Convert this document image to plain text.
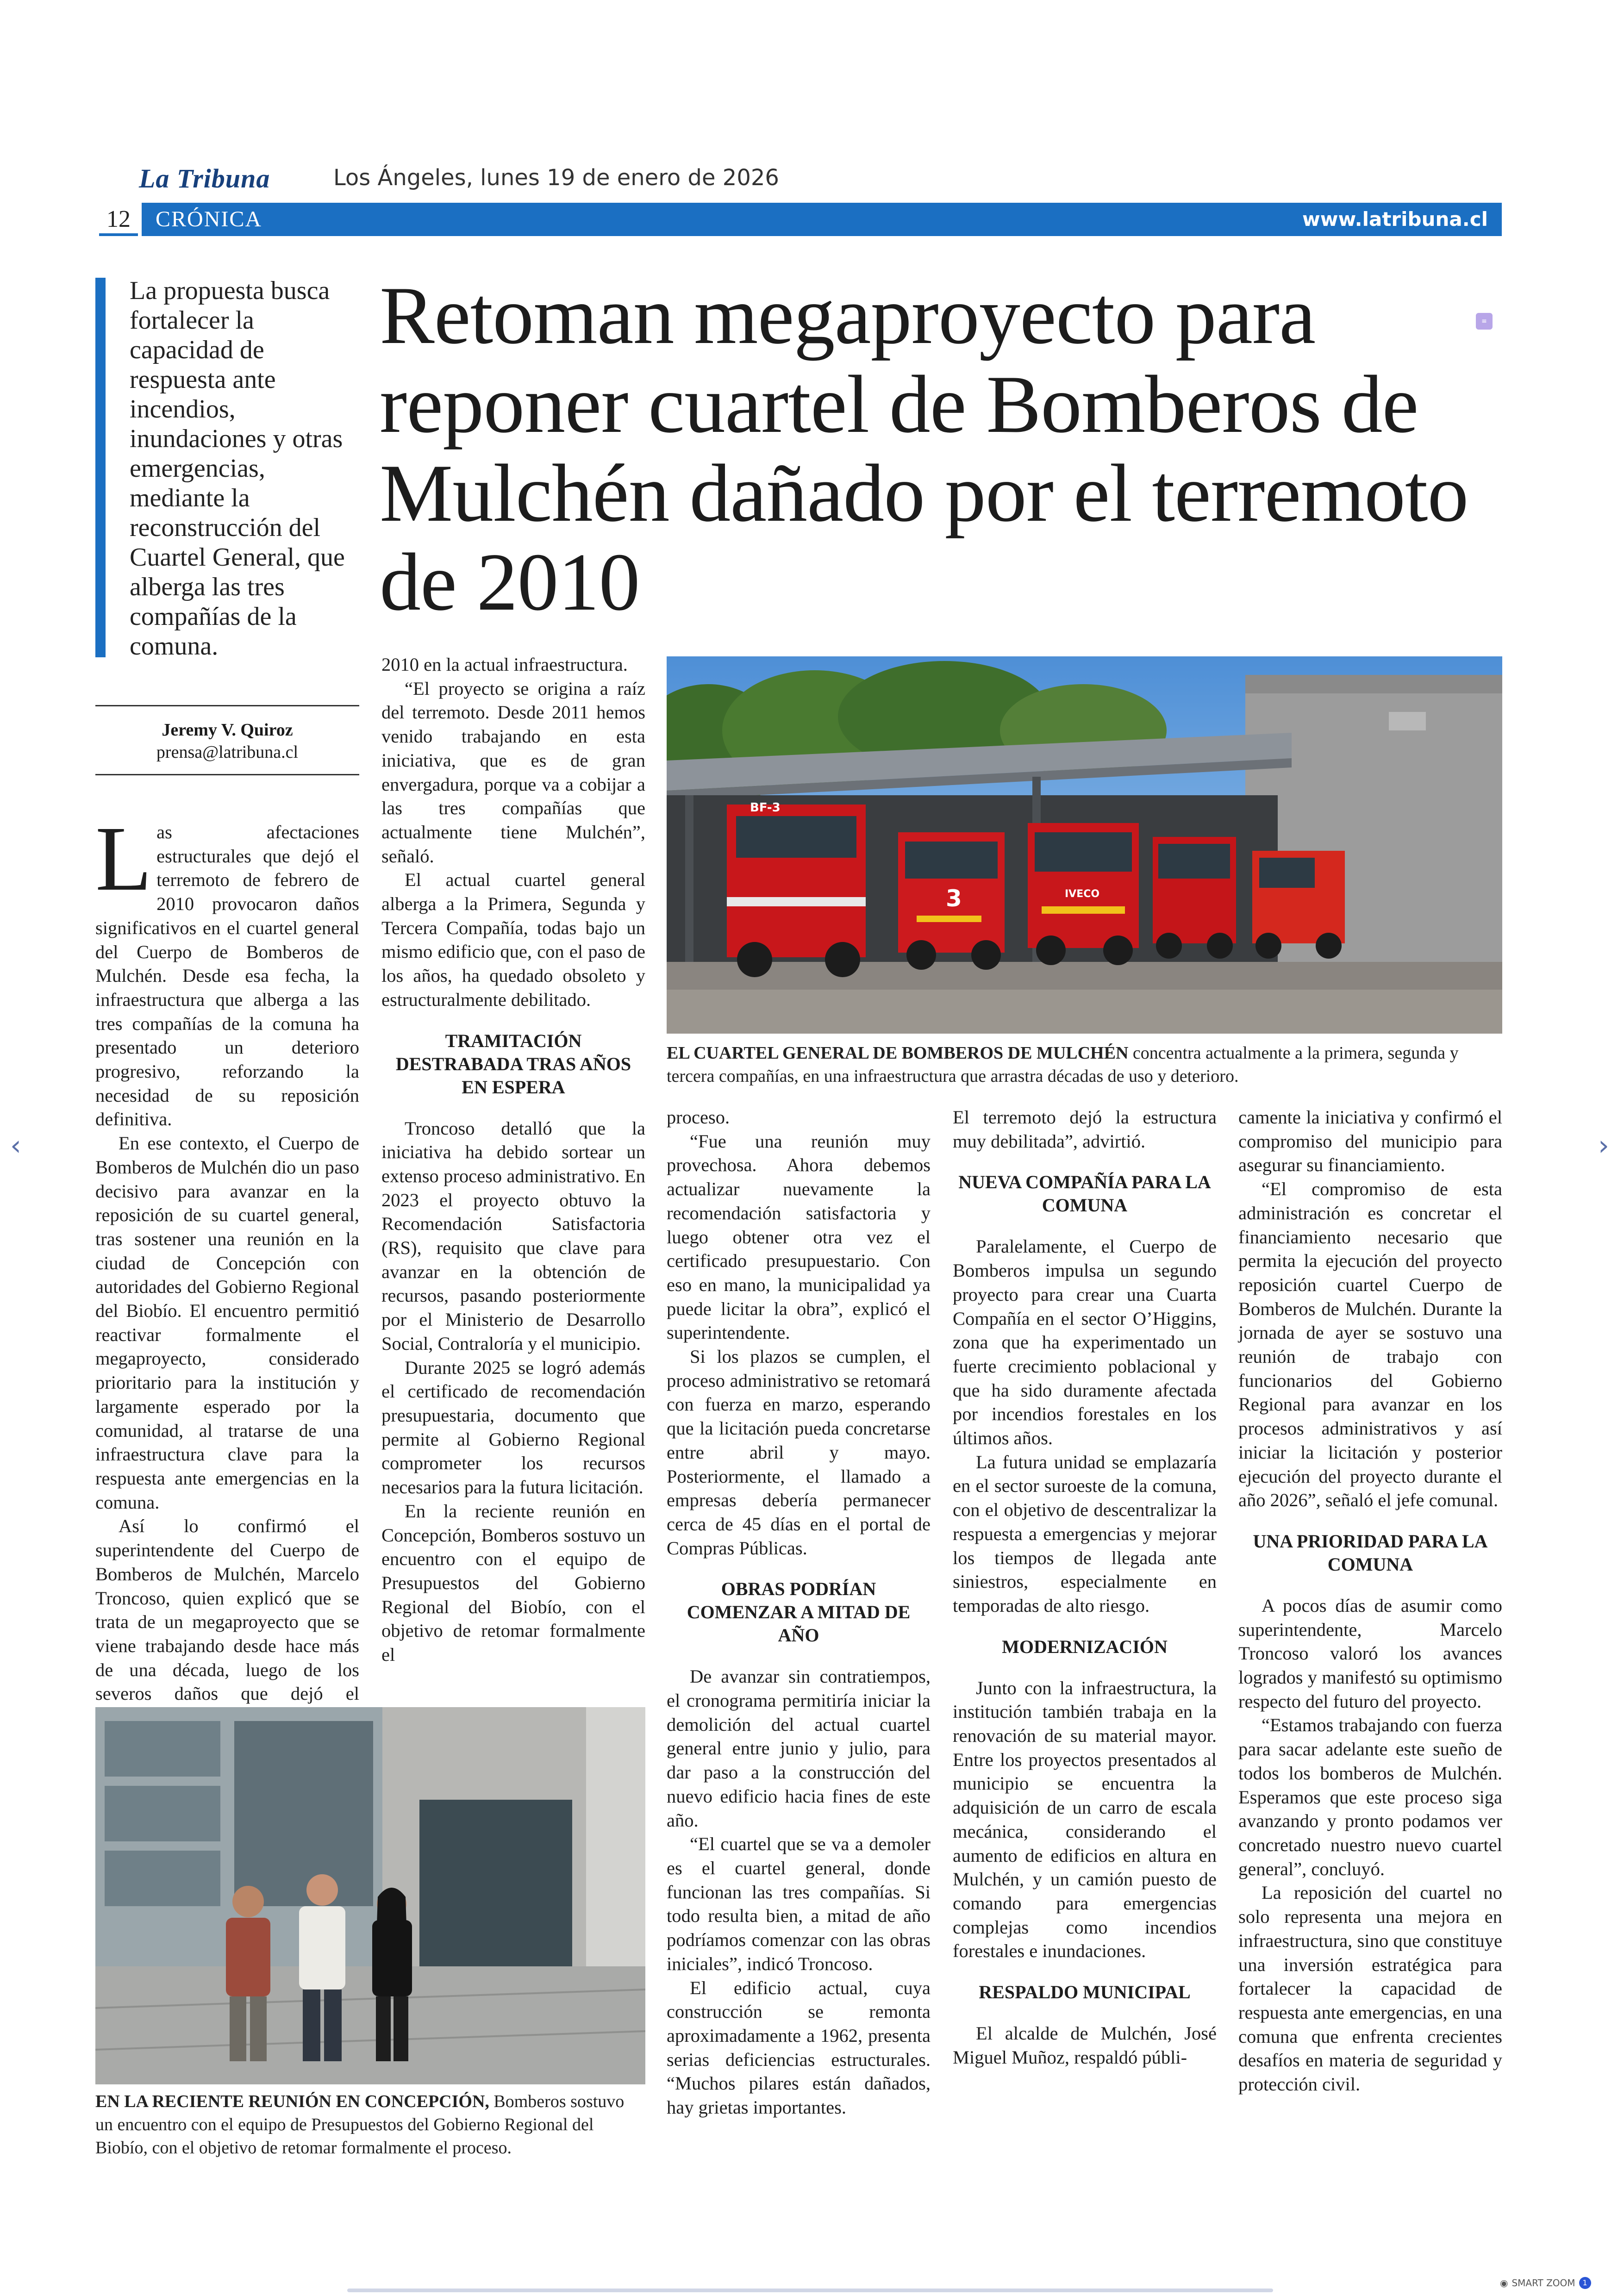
La Tribuna	Los Ángeles, lunes 19 de enero de 2026
12	CRÓNICA	www.latribuna.cl
La propuesta busca fortalecer la capacidad de respuesta ante incendios, inundaciones y otras emergencias, mediante la reconstrucción del Cuartel General, que alberga las tres compañías de la comuna.
Retoman megaproyecto para reponer cuartel de Bomberos de Mulchén dañado por el terremoto de 2010
≡
Jeremy V. Quiroz
prensa@latribuna.cl
L as afectaciones estructurales que dejó el terremoto de febrero de 2010 provocaron daños significativos en el cuartel general del Cuerpo de Bomberos de Mulchén. Desde esa fecha, la infraestructura que alberga a las tres compañías de la comuna ha presentado un deterioro progresivo, reforzando la necesidad de su reposición definitiva.

En ese contexto, el Cuerpo de Bomberos de Mulchén dio un paso decisivo para avanzar en la reposición de su cuartel general, tras sostener una reunión en la ciudad de Concepción con autoridades del Gobierno Regional del Biobío. El encuentro permitió reactivar formalmente el megaproyecto, considerado prioritario para la institución y largamente esperado por la comunidad, al tratarse de una infraestructura clave para la respuesta ante emergencias en la comuna.

Así lo confirmó el superintendente del Cuerpo de Bomberos de Mulchén, Marcelo Troncoso, quien explicó que se trata de un megaproyecto que se viene trabajando desde hace más de una década, luego de los severos daños que dejó el

2010 en la actual infraestructura.

“El proyecto se origina a raíz del terremoto. Desde 2011 hemos venido trabajando en esta iniciativa, que es de gran envergadura, porque va a cobijar a las tres compañías que actualmente tiene Mulchén”, señaló.

El actual cuartel general alberga a la Primera, Segunda y Tercera Compañía, todas bajo un mismo edificio que, con el paso de los años, ha quedado obsoleto y estructuralmente debilitado.

TRAMITACIÓN DESTRABADA TRAS AÑOS EN ESPERA

Troncoso detalló que la iniciativa ha debido sortear un extenso proceso administrativo. En 2023 el proyecto obtuvo la Recomendación Satisfactoria (RS), requisito que clave para avanzar en la obtención de recursos, pasando posteriormente por el Ministerio de Desarrollo Social, Contraloría y el municipio.

Durante 2025 se logró además el certificado de recomendación presupuestaria, documento que permite al Gobierno Regional comprometer los recursos necesarios para la futura licitación.

En la reciente reunión en Concepción, Bomberos sostuvo un encuentro con el equipo de Presupuestos del Gobierno Regional del Biobío, con el objetivo de retomar formalmente el

BF-3
3	IVECO
EL CUARTEL GENERAL DE BOMBEROS DE MULCHÉN concentra actualmente a la primera, segunda y tercera compañías, en una infraestructura que arrastra décadas de uso y deterioro.

proceso.

“Fue una reunión muy provechosa. Ahora debemos actualizar nuevamente la recomendación satisfactoria y luego obtener otra vez el certificado presupuestario. Con eso en mano, la municipalidad ya puede licitar la obra”, explicó el superintendente.

Si los plazos se cumplen, el proceso administrativo se retomará con fuerza en marzo, esperando que la licitación pueda concretarse entre abril y mayo. Posteriormente, el llamado a empresas debería permanecer cerca de 45 días en el portal de Compras Públicas.

OBRAS PODRÍAN COMENZAR A MITAD DE AÑO

De avanzar sin contratiempos, el cronograma permitiría iniciar la demolición del actual cuartel general entre junio y julio, para dar paso a la construcción del nuevo edificio hacia fines de este año.

“El cuartel que se va a demoler es el cuartel general, donde funcionan las tres compañías. Si todo resulta bien, a mitad de año podríamos comenzar con las obras iniciales”, indicó Troncoso.

El edificio actual, cuya construcción se remonta aproximadamente a 1962, presenta serias deficiencias estructurales. “Muchos pilares están dañados, hay grietas importantes.

El terremoto dejó la estructura muy debilitada”, advirtió.

NUEVA COMPAÑÍA PARA LA COMUNA

Paralelamente, el Cuerpo de Bomberos impulsa un segundo proyecto para crear una Cuarta Compañía en el sector O’Higgins, zona que ha experimentado un fuerte crecimiento poblacional y que ha sido duramente afectada por incendios forestales en los últimos años.

La futura unidad se emplazaría en el sector suroeste de la comuna, con el objetivo de descentralizar la respuesta a emergencias y mejorar los tiempos de llegada ante siniestros, especialmente en temporadas de alto riesgo.

MODERNIZACIÓN

Junto con la infraestructura, la institución también trabaja en la renovación de su material mayor. Entre los proyectos presentados al municipio se encuentra la adquisición de un carro de escala mecánica, considerando el aumento de edificios en altura en Mulchén, y un camión puesto de comando para emergencias complejas como incendios forestales e inundaciones.

RESPALDO MUNICIPAL

El alcalde de Mulchén, José Miguel Muñoz, respaldó públi-

camente la iniciativa y confirmó el compromiso del municipio para asegurar su financiamiento.

“El compromiso de esta administración es concretar el financiamiento necesario que permita la ejecución del proyecto reposición cuartel Cuerpo de Bomberos de Mulchén. Durante la jornada de ayer se sostuvo una reunión de trabajo con funcionarios del Gobierno Regional para avanzar en los procesos administrativos y así iniciar la licitación y posterior ejecución del proyecto durante el año 2026”, señaló el jefe comunal.

UNA PRIORIDAD PARA LA COMUNA

A pocos días de asumir como superintendente, Marcelo Troncoso valoró los avances logrados y manifestó su optimismo respecto del futuro del proyecto.

“Estamos trabajando con fuerza para sacar adelante este sueño de todos los bomberos de Mulchén. Esperamos que este proceso siga avanzando y pronto podamos ver concretado nuestro nuevo cuartel general”, concluyó.

La reposición del cuartel no solo representa una mejora en infraestructura, sino que constituye una inversión estratégica para fortalecer la capacidad de respuesta ante emergencias, en una comuna que enfrenta crecientes desafíos en materia de seguridad y protección civil.

EN LA RECIENTE REUNIÓN EN CONCEPCIÓN, Bomberos sostuvo un encuentro con el equipo de Presupuestos del Gobierno Regional del Biobío, con el objetivo de retomar formalmente el proceso.
‹	›
◉ SMART ZOOM 1
